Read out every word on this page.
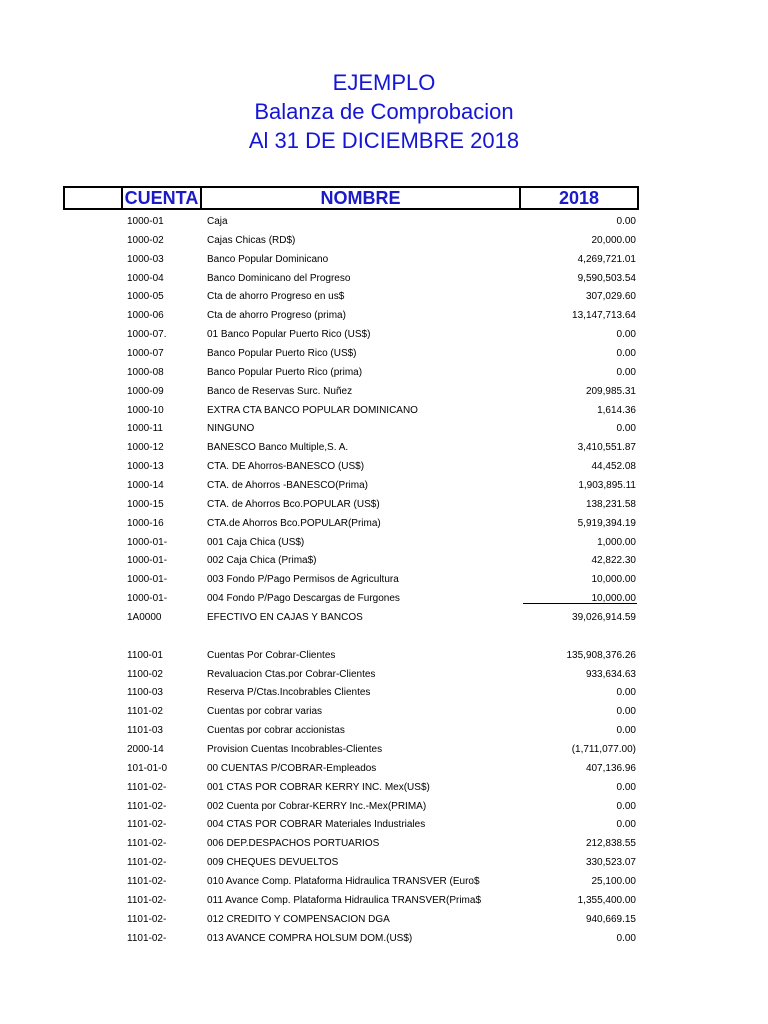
EJEMPLO
Balanza de Comprobacion
Al 31 DE DICIEMBRE 2018
CUENTA	NOMBRE	2018
1000-01	Caja	0.00
1000-02	Cajas Chicas (RD$)	20,000.00
1000-03	Banco Popular Dominicano	4,269,721.01
1000-04	Banco Dominicano del Progreso	9,590,503.54
1000-05	Cta de ahorro Progreso en us$	307,029.60
1000-06	Cta de ahorro Progreso (prima)	13,147,713.64
1000-07.	01 Banco Popular Puerto Rico (US$)	0.00
1000-07	Banco Popular Puerto Rico (US$)	0.00
1000-08	Banco Popular Puerto Rico (prima)	0.00
1000-09	Banco de Reservas Surc. Nuñez	209,985.31
1000-10	EXTRA CTA BANCO POPULAR DOMINICANO	1,614.36
1000-11	NINGUNO	0.00
1000-12	BANESCO Banco Multiple,S. A.	3,410,551.87
1000-13	CTA. DE Ahorros-BANESCO (US$)	44,452.08
1000-14	CTA. de Ahorros -BANESCO(Prima)	1,903,895.11
1000-15	CTA. de Ahorros Bco.POPULAR (US$)	138,231.58
1000-16	CTA.de Ahorros Bco.POPULAR(Prima)	5,919,394.19
1000-01-	001 Caja Chica (US$)	1,000.00
1000-01-	002 Caja Chica (Prima$)	42,822.30
1000-01-	003 Fondo P/Pago Permisos de Agricultura	10,000.00
1000-01-	004 Fondo P/Pago Descargas de Furgones	10,000.00
1A0000	EFECTIVO EN CAJAS Y BANCOS	39,026,914.59
1100-01	Cuentas Por Cobrar-Clientes	135,908,376.26
1100-02	Revaluacion Ctas.por Cobrar-Clientes	933,634.63
1100-03	Reserva P/Ctas.Incobrables Clientes	0.00
1101-02	Cuentas por cobrar varias	0.00
1101-03	Cuentas por cobrar accionistas	0.00
2000-14	Provision Cuentas Incobrables-Clientes	(1,711,077.00)
101-01-0	00 CUENTAS P/COBRAR-Empleados	407,136.96
1101-02-	001 CTAS POR COBRAR KERRY INC. Mex(US$)	0.00
1101-02-	002 Cuenta por Cobrar-KERRY Inc.-Mex(PRIMA)	0.00
1101-02-	004 CTAS POR COBRAR Materiales Industriales	0.00
1101-02-	006 DEP.DESPACHOS PORTUARIOS	212,838.55
1101-02-	009 CHEQUES DEVUELTOS	330,523.07
1101-02-	010 Avance Comp. Plataforma Hidraulica TRANSVER (Euro$	25,100.00
1101-02-	011 Avance Comp. Plataforma Hidraulica TRANSVER(Prima$	1,355,400.00
1101-02-	012 CREDITO Y COMPENSACION DGA	940,669.15
1101-02-	013 AVANCE COMPRA HOLSUM DOM.(US$)	0.00
